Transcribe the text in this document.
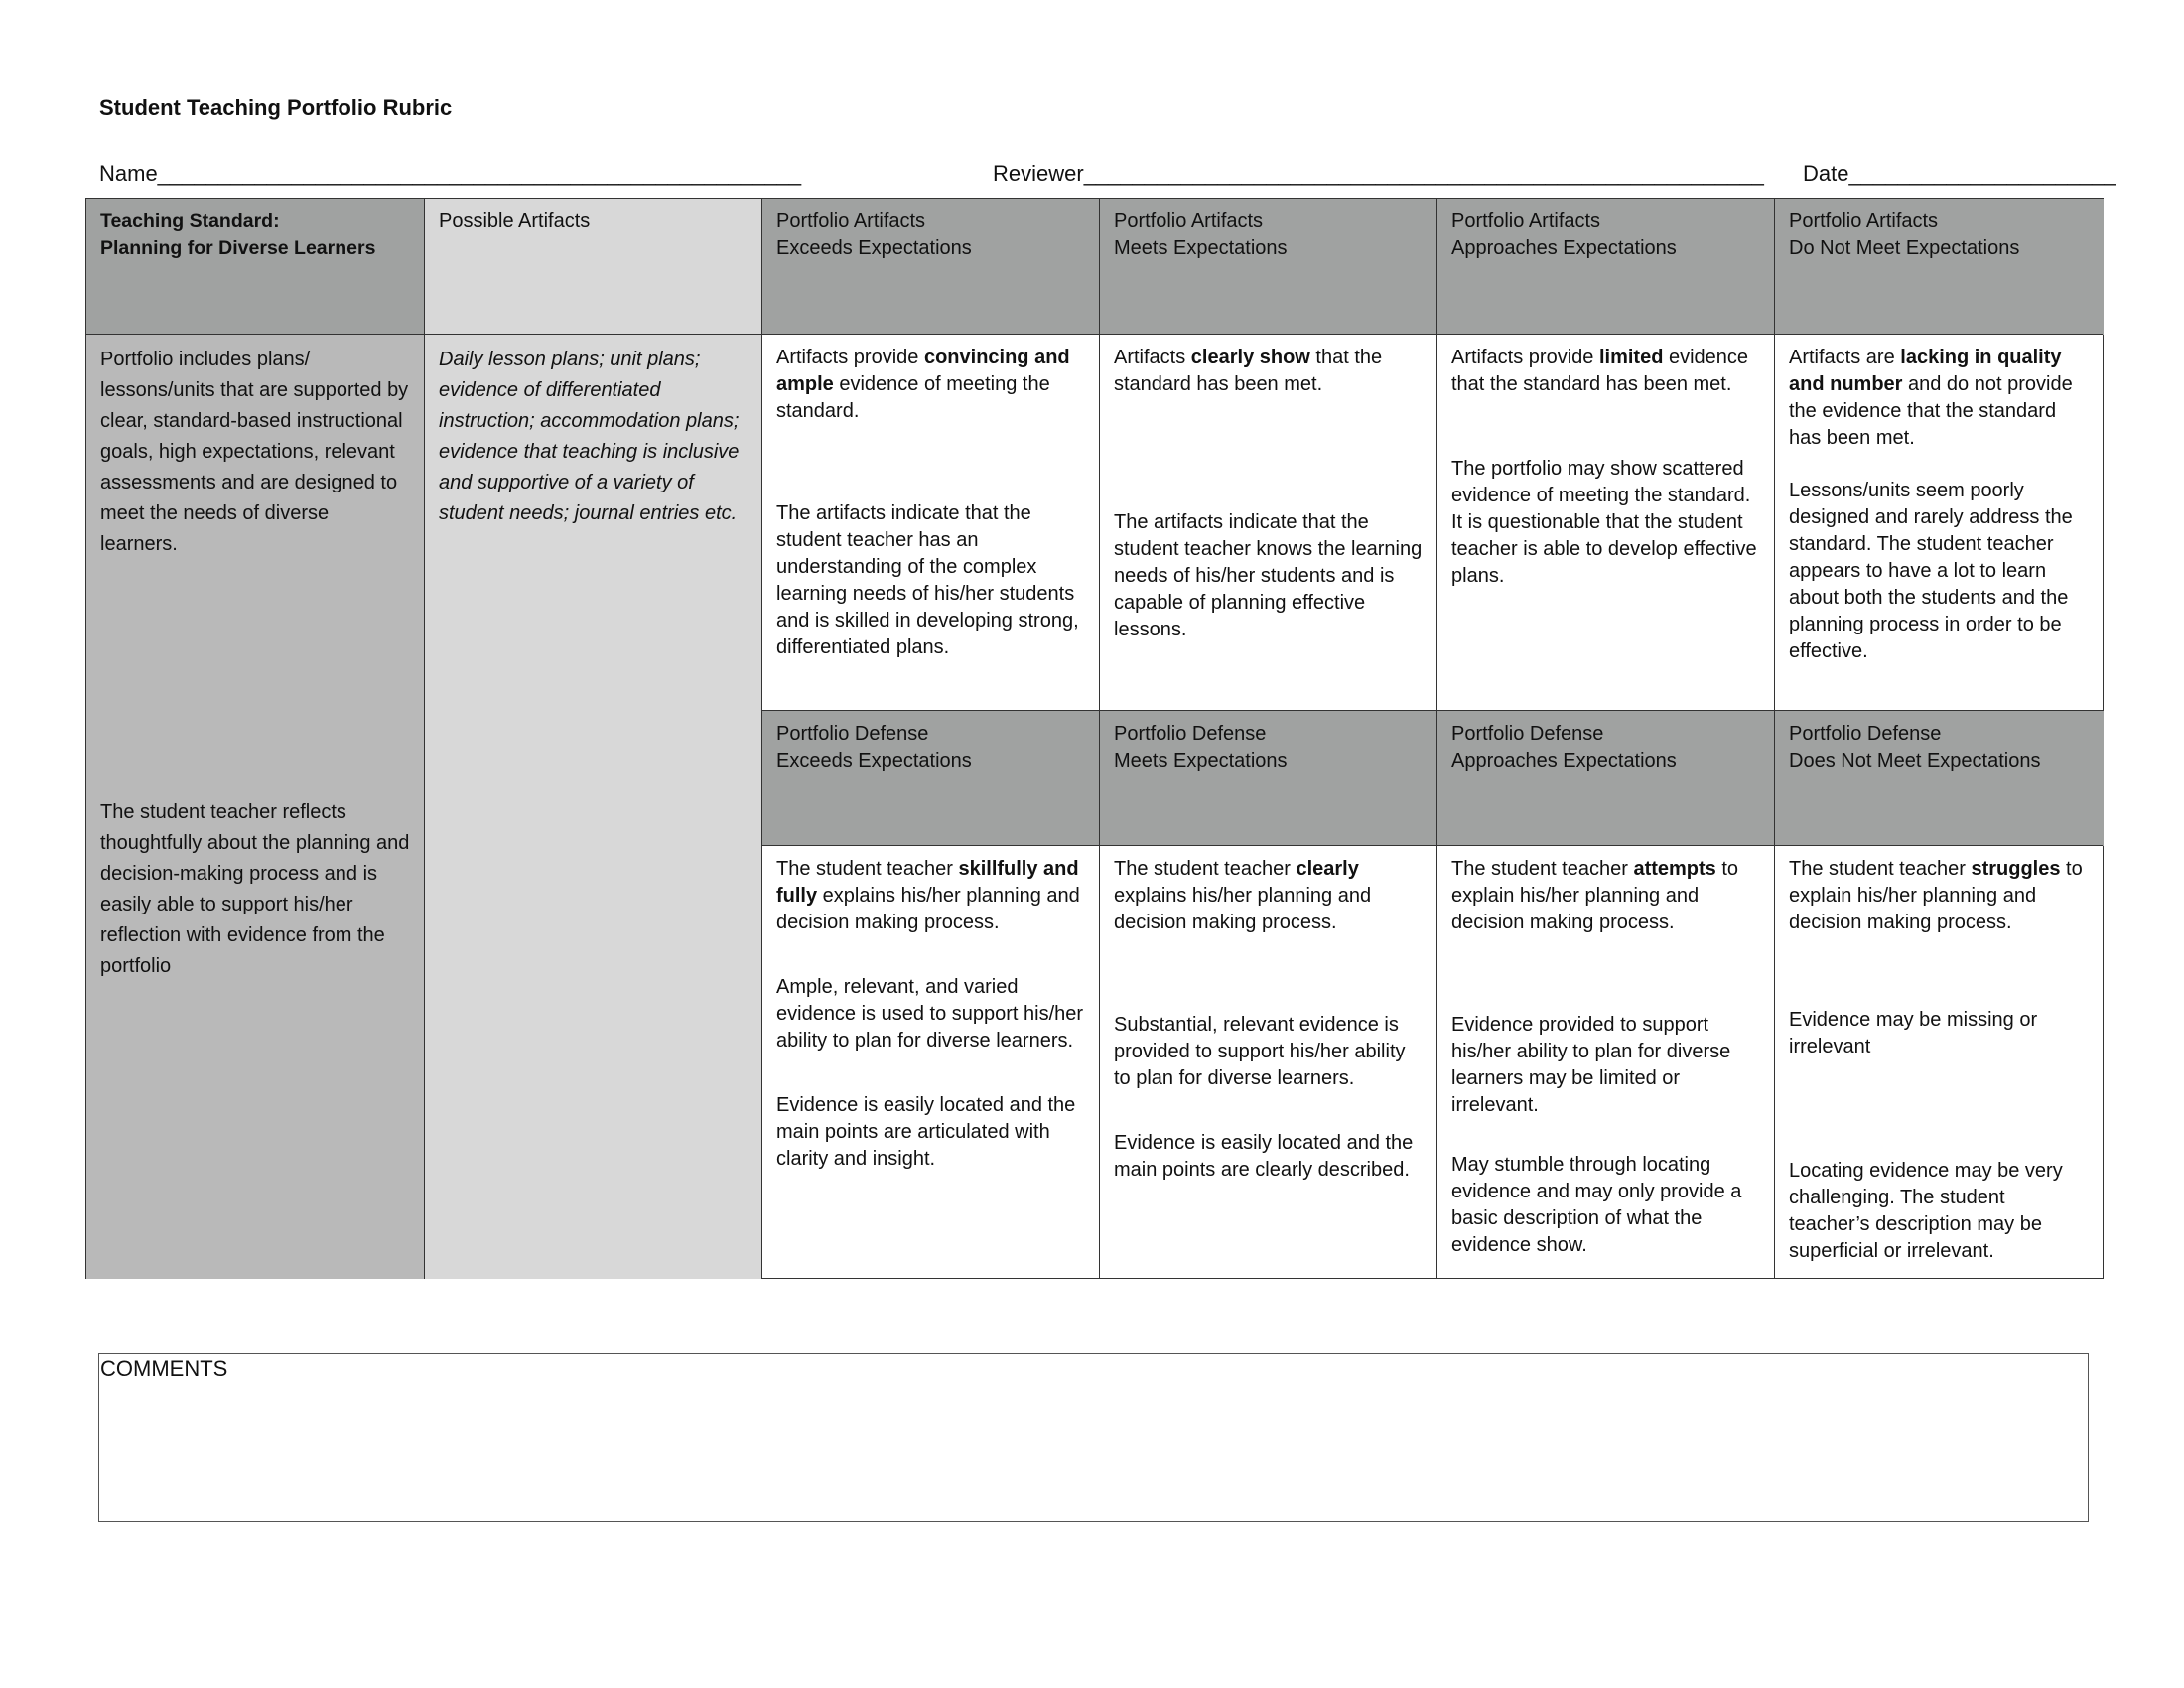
Student Teaching Portfolio Rubric
Name_____________________________________________________	Reviewer________________________________________________________ Date______________________
Teaching Standard:
Planning for Diverse Learners
Portfolio includes plans/ lessons/units that are supported by clear, standard-based instructional goals, high expectations, relevant assessments and are designed to meet the needs of diverse learners.
The student teacher reflects thoughtfully about the planning and decision-making process and is easily able to support his/her reflection with evidence from the portfolio
Possible Artifacts
Daily lesson plans; unit plans; evidence of differentiated instruction; accommodation plans; evidence that teaching is inclusive and supportive of a variety of student needs; journal entries etc.
Portfolio Artifacts
Exceeds Expectations
Artifacts provide convincing and ample evidence of meeting the standard.
The artifacts indicate that the student teacher has an understanding of the complex learning needs of his/her students and is skilled in developing strong, differentiated plans.
Portfolio Defense
Exceeds Expectations
The student teacher skillfully and fully explains his/her planning and decision making process.
Ample, relevant, and varied evidence is used to support his/her ability to plan for diverse learners.
Evidence is easily located and the main points are articulated with clarity and insight.
Portfolio Artifacts
Meets Expectations
Artifacts clearly show that the standard has been met.
The artifacts indicate that the student teacher knows the learning needs of his/her students and is capable of planning effective lessons.
Portfolio Defense
Meets Expectations
The student teacher clearly explains his/her planning and decision making process.
Substantial, relevant evidence is provided to support his/her ability to plan for diverse learners.
Evidence is easily located and the main points are clearly described.
Portfolio Artifacts
Approaches Expectations
Artifacts provide limited evidence that the standard has been met.
The portfolio may show scattered evidence of meeting the standard. It is questionable that the student teacher is able to develop effective plans.
Portfolio Defense
Approaches Expectations
The student teacher attempts to explain his/her planning and decision making process.
Evidence provided to support his/her ability to plan for diverse learners may be limited or irrelevant.
May stumble through locating evidence and may only provide a basic description of what the evidence show.
Portfolio Artifacts
Do Not Meet Expectations
Artifacts are lacking in quality and number and do not provide the evidence that the standard has been met.
Lessons/units seem poorly designed and rarely address the standard. The student teacher appears to have a lot to learn about both the students and the planning process in order to be effective.
Portfolio Defense
Does Not Meet Expectations
The student teacher struggles to explain his/her planning and decision making process.
Evidence may be missing or irrelevant
Locating evidence may be very challenging. The student teacher’s description may be superficial or irrelevant.
COMMENTS
